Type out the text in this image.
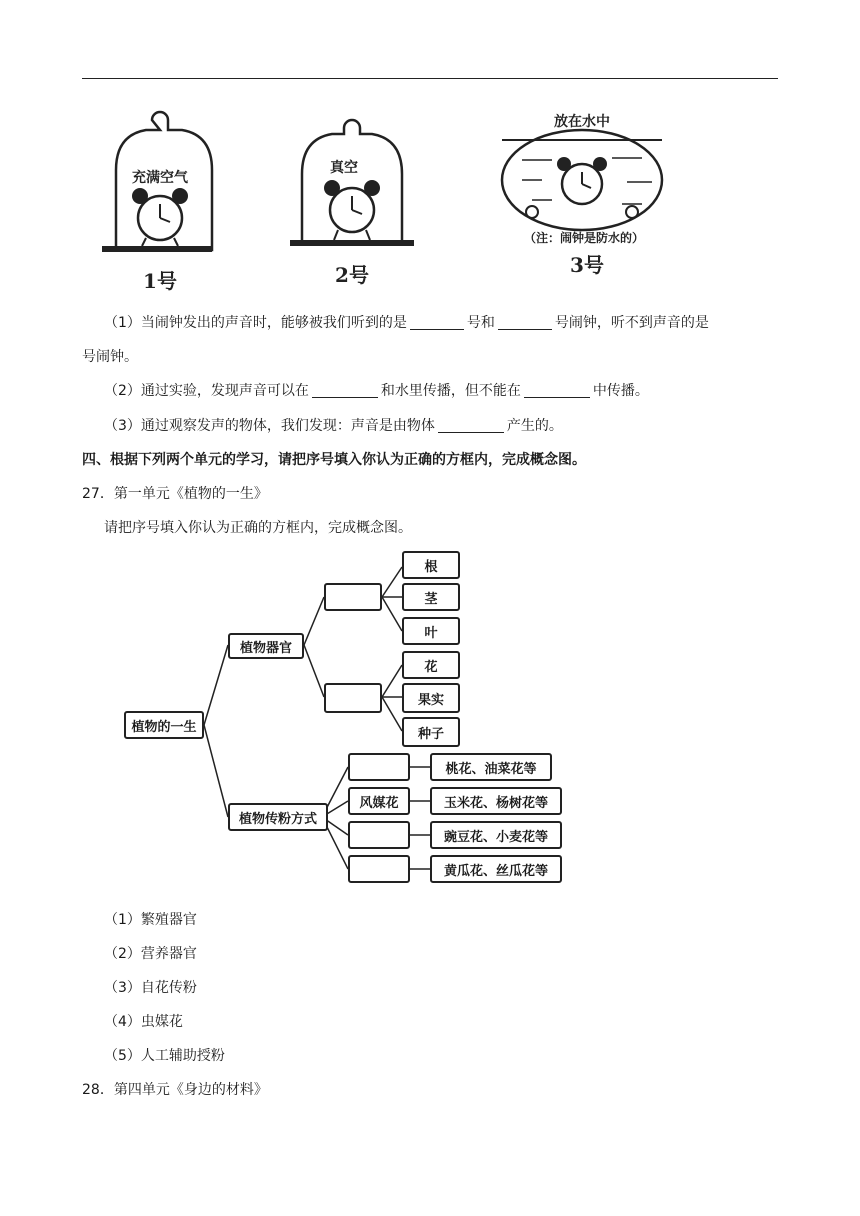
充满空气
1号
真空
2号
放在水中
（注：闹钟是防水的）
3号
（1）当闹钟发出的声音时，能够被我们听到的是	号和	号闹钟，听不到声音的是
号闹钟。
（2）通过实验，发现声音可以在	和水里传播，但不能在	中传播。
（3）通过观察发声的物体，我们发现：声音是由物体	产生的。
四、根据下列两个单元的学习，请把序号填入你认为正确的方框内，完成概念图。
27．第一单元《植物的一生》
请把序号填入你认为正确的方框内，完成概念图。
植物的一生
植物器官
植物传粉方式
根
茎
叶
花
果实
种子
风媒花
桃花、油菜花等
玉米花、杨树花等
豌豆花、小麦花等
黄瓜花、丝瓜花等
（1）繁殖器官
（2）营养器官
（3）自花传粉
（4）虫媒花
（5）人工辅助授粉
28．第四单元《身边的材料》
